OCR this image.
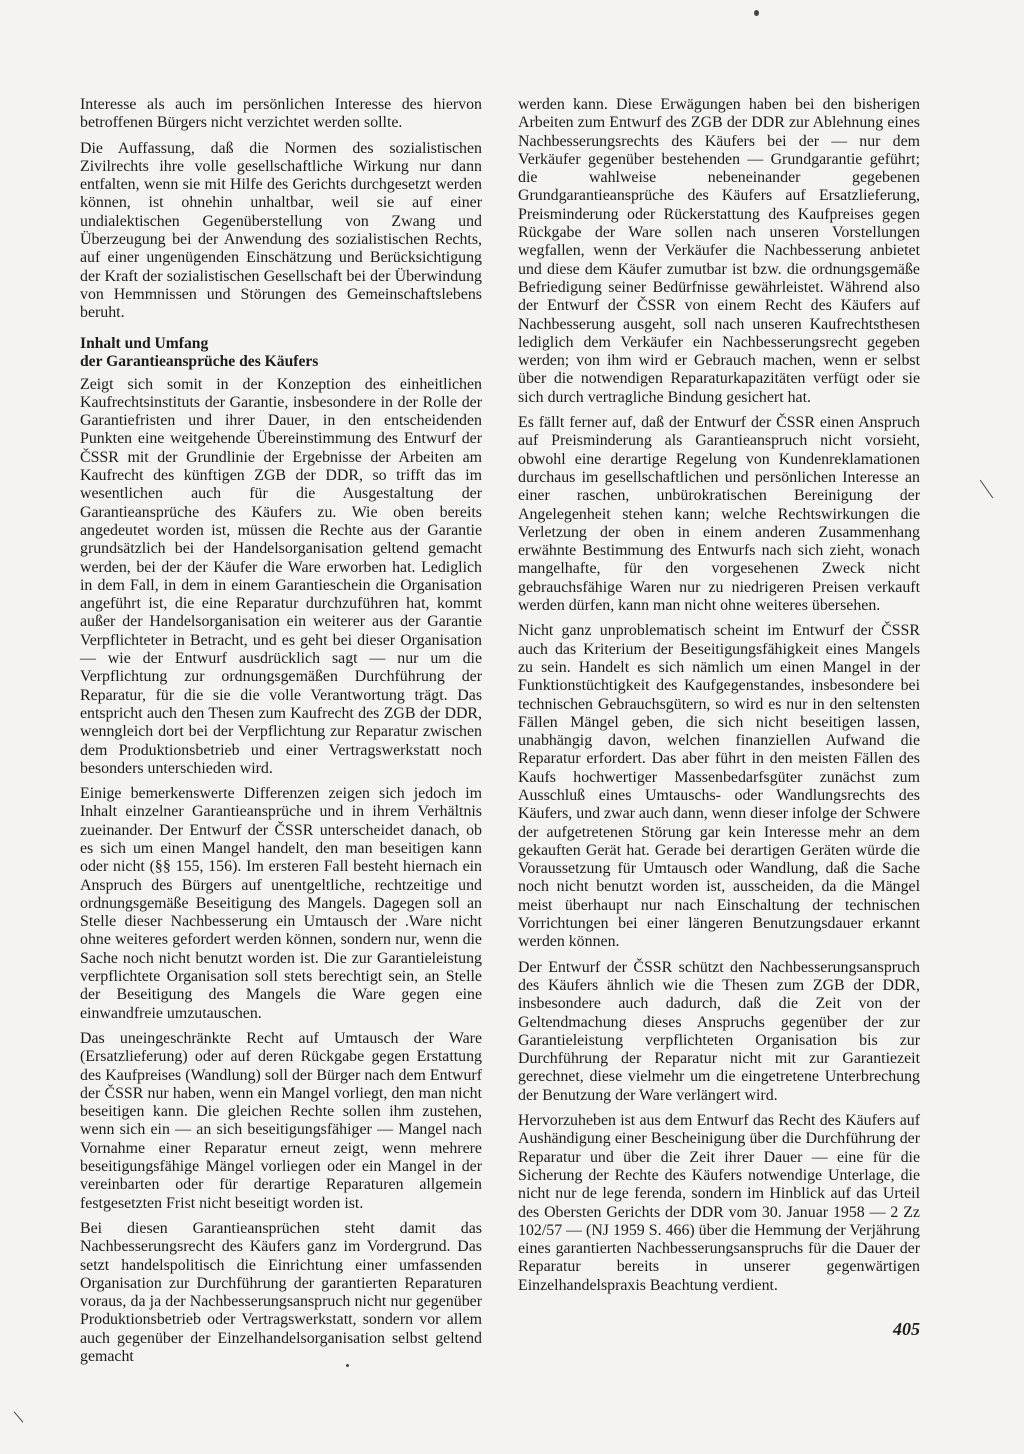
Interesse als auch im persönlichen Interesse des hiervon betroffenen Bürgers nicht verzichtet werden sollte.

Die Auffassung, daß die Normen des sozialistischen Zivilrechts ihre volle gesellschaftliche Wirkung nur dann entfalten, wenn sie mit Hilfe des Gerichts durchgesetzt werden können, ist ohnehin unhaltbar, weil sie auf einer undialektischen Gegenüberstellung von Zwang und Überzeugung bei der Anwendung des sozialistischen Rechts, auf einer ungenügenden Einschätzung und Berücksichtigung der Kraft der sozialistischen Gesellschaft bei der Überwindung von Hemmnissen und Störungen des Gemeinschaftslebens beruht.

Inhalt und Umfang
der Garantieansprüche des Käufers

Zeigt sich somit in der Konzeption des einheitlichen Kaufrechtsinstituts der Garantie, insbesondere in der Rolle der Garantiefristen und ihrer Dauer, in den entscheidenden Punkten eine weitgehende Übereinstimmung des Entwurf der ČSSR mit der Grundlinie der Ergebnisse der Arbeiten am Kaufrecht des künftigen ZGB der DDR, so trifft das im wesentlichen auch für die Ausgestaltung der Garantieansprüche des Käufers zu. Wie oben bereits angedeutet worden ist, müssen die Rechte aus der Garantie grundsätzlich bei der Handelsorganisation geltend gemacht werden, bei der der Käufer die Ware erworben hat. Lediglich in dem Fall, in dem in einem Garantieschein die Organisation angeführt ist, die eine Reparatur durchzuführen hat, kommt außer der Handelsorganisation ein weiterer aus der Garantie Verpflichteter in Betracht, und es geht bei dieser Organisation — wie der Entwurf ausdrücklich sagt — nur um die Verpflichtung zur ordnungsgemäßen Durchführung der Reparatur, für die sie die volle Verantwortung trägt. Das entspricht auch den Thesen zum Kaufrecht des ZGB der DDR, wenngleich dort bei der Verpflichtung zur Reparatur zwischen dem Produktionsbetrieb und einer Vertragswerkstatt noch besonders unterschieden wird.

Einige bemerkenswerte Differenzen zeigen sich jedoch im Inhalt einzelner Garantieansprüche und in ihrem Verhältnis zueinander. Der Entwurf der ČSSR unterscheidet danach, ob es sich um einen Mangel handelt, den man beseitigen kann oder nicht (§§ 155, 156). Im ersteren Fall besteht hiernach ein Anspruch des Bürgers auf unentgeltliche, rechtzeitige und ordnungsgemäße Beseitigung des Mangels. Dagegen soll an Stelle dieser Nachbesserung ein Umtausch der .Ware nicht ohne weiteres gefordert werden können, sondern nur, wenn die Sache noch nicht benutzt worden ist. Die zur Garantieleistung verpflichtete Organisation soll stets berechtigt sein, an Stelle der Beseitigung des Mangels die Ware gegen eine einwandfreie umzutauschen.

Das uneingeschränkte Recht auf Umtausch der Ware (Ersatzlieferung) oder auf deren Rückgabe gegen Erstattung des Kaufpreises (Wandlung) soll der Bürger nach dem Entwurf der ČSSR nur haben, wenn ein Mangel vorliegt, den man nicht beseitigen kann. Die gleichen Rechte sollen ihm zustehen, wenn sich ein — an sich beseitigungsfähiger — Mangel nach Vornahme einer Reparatur erneut zeigt, wenn mehrere beseitigungsfähige Mängel vorliegen oder ein Mangel in der vereinbarten oder für derartige Reparaturen allgemein festgesetzten Frist nicht beseitigt worden ist.

Bei diesen Garantieansprüchen steht damit das Nachbesserungsrecht des Käufers ganz im Vordergrund. Das setzt handelspolitisch die Einrichtung einer umfassenden Organisation zur Durchführung der garantierten Reparaturen voraus, da ja der Nachbesserungsanspruch nicht nur gegenüber Produktionsbetrieb oder Vertragswerkstatt, sondern vor allem auch gegenüber der Einzelhandelsorganisation selbst geltend gemacht

werden kann. Diese Erwägungen haben bei den bisherigen Arbeiten zum Entwurf des ZGB der DDR zur Ablehnung eines Nachbesserungsrechts des Käufers bei der — nur dem Verkäufer gegenüber bestehenden — Grundgarantie geführt; die wahlweise nebeneinander gegebenen Grundgarantieansprüche des Käufers auf Ersatzlieferung, Preisminderung oder Rückerstattung des Kaufpreises gegen Rückgabe der Ware sollen nach unseren Vorstellungen wegfallen, wenn der Verkäufer die Nachbesserung anbietet und diese dem Käufer zumutbar ist bzw. die ordnungsgemäße Befriedigung seiner Bedürfnisse gewährleistet. Während also der Entwurf der ČSSR von einem Recht des Käufers auf Nachbesserung ausgeht, soll nach unseren Kaufrechtsthesen lediglich dem Verkäufer ein Nachbesserungsrecht gegeben werden; von ihm wird er Gebrauch machen, wenn er selbst über die notwendigen Reparaturkapazitäten verfügt oder sie sich durch vertragliche Bindung gesichert hat.

Es fällt ferner auf, daß der Entwurf der ČSSR einen Anspruch auf Preisminderung als Garantieanspruch nicht vorsieht, obwohl eine derartige Regelung von Kundenreklamationen durchaus im gesellschaftlichen und persönlichen Interesse an einer raschen, unbürokratischen Bereinigung der Angelegenheit stehen kann; welche Rechtswirkungen die Verletzung der oben in einem anderen Zusammenhang erwähnte Bestimmung des Entwurfs nach sich zieht, wonach mangelhafte, für den vorgesehenen Zweck nicht gebrauchsfähige Waren nur zu niedrigeren Preisen verkauft werden dürfen, kann man nicht ohne weiteres übersehen.

Nicht ganz unproblematisch scheint im Entwurf der ČSSR auch das Kriterium der Beseitigungsfähigkeit eines Mangels zu sein. Handelt es sich nämlich um einen Mangel in der Funktionstüchtigkeit des Kaufgegenstandes, insbesondere bei technischen Gebrauchsgütern, so wird es nur in den seltensten Fällen Mängel geben, die sich nicht beseitigen lassen, unabhängig davon, welchen finanziellen Aufwand die Reparatur erfordert. Das aber führt in den meisten Fällen des Kaufs hochwertiger Massenbedarfsgüter zunächst zum Ausschluß eines Umtauschs- oder Wandlungsrechts des Käufers, und zwar auch dann, wenn dieser infolge der Schwere der aufgetretenen Störung gar kein Interesse mehr an dem gekauften Gerät hat. Gerade bei derartigen Geräten würde die Voraussetzung für Umtausch oder Wandlung, daß die Sache noch nicht benutzt worden ist, ausscheiden, da die Mängel meist überhaupt nur nach Einschaltung der technischen Vorrichtungen bei einer längeren Benutzungsdauer erkannt werden können.

Der Entwurf der ČSSR schützt den Nachbesserungsanspruch des Käufers ähnlich wie die Thesen zum ZGB der DDR, insbesondere auch dadurch, daß die Zeit von der Geltendmachung dieses Anspruchs gegenüber der zur Garantieleistung verpflichteten Organisation bis zur Durchführung der Reparatur nicht mit zur Garantiezeit gerechnet, diese vielmehr um die eingetretene Unterbrechung der Benutzung der Ware verlängert wird.

Hervorzuheben ist aus dem Entwurf das Recht des Käufers auf Aushändigung einer Bescheinigung über die Durchführung der Reparatur und über die Zeit ihrer Dauer — eine für die Sicherung der Rechte des Käufers notwendige Unterlage, die nicht nur de lege ferenda, sondern im Hinblick auf das Urteil des Obersten Gerichts der DDR vom 30. Januar 1958 — 2 Zz 102/57 — (NJ 1959 S. 466) über die Hemmung der Verjährung eines garantierten Nachbesserungsanspruchs für die Dauer der Reparatur bereits in unserer gegenwärtigen Einzelhandelspraxis Beachtung verdient.

405
